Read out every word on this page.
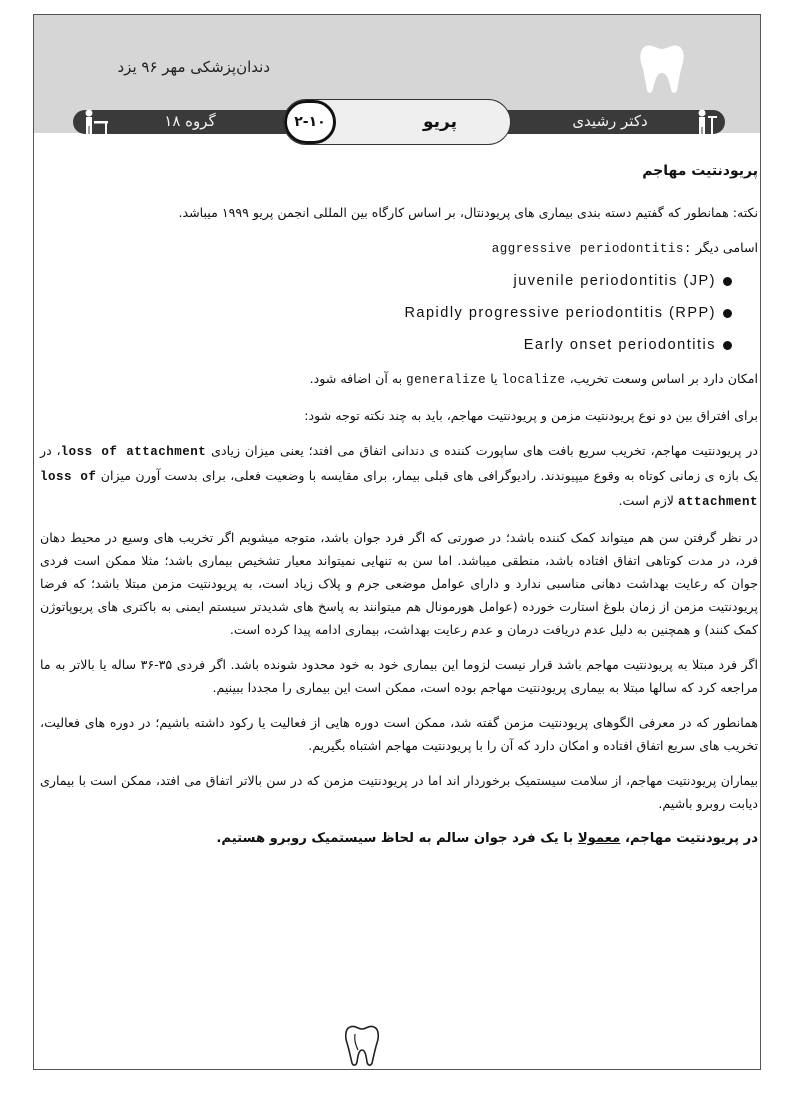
دندان‌پزشکی مهر ۹۶ یزد
دکتر رشیدی
پریو
۲-۱۰
گروه ۱۸

پریودنتیت مهاجم

نکته: همانطور که گفتیم دسته بندی بیماری های پریودنتال، بر اساس کارگاه بین المللی انجمن پریو ۱۹۹۹ میباشد.

اسامی دیگر aggressive periodontitis:

juvenile periodontitis (JP)
Rapidly progressive periodontitis (RPP)
Early onset periodontitis

امکان دارد بر اساس وسعت تخریب، localize یا generalize به آن اضافه شود.

برای افتراق بین دو نوع پریودنتیت مزمن و پریودنتیت مهاجم، باید به چند نکته توجه شود:

در پریودنتیت مهاجم، تخریب سریع بافت های ساپورت کننده ی دندانی اتفاق می افتد؛ یعنی میزان زیادی loss of attachment، در یک بازه ی زمانی کوتاه به وقوع میپیوندند. رادیوگرافی های قبلی بیمار، برای مقایسه با وضعیت فعلی، برای بدست آورن میزان loss of attachment لازم است.

در نظر گرفتن سن هم میتواند کمک کننده باشد؛ در صورتی که اگر فرد جوان باشد، متوجه میشویم اگر تخریب های وسیع در محیط دهان فرد، در مدت کوتاهی اتفاق افتاده باشد، منطقی میباشد. اما سن به تنهایی نمیتواند معیار تشخیص بیماری باشد؛ مثلا ممکن است فردی جوان که رعایت بهداشت دهانی مناسبی ندارد و دارای عوامل موضعی جرم و پلاک زیاد است، به پریودنتیت مزمن مبتلا باشد؛ که فرضا پریودنتیت مزمن از زمان بلوغ استارت خورده (عوامل هورمونال هم میتوانند به پاسخ های شدیدتر سیستم ایمنی به باکتری های پریوپاتوژن کمک کنند) و همچنین به دلیل عدم دریافت درمان و عدم رعایت بهداشت، بیماری ادامه پیدا کرده است.

اگر فرد مبتلا به پریودنتیت مهاجم باشد قرار نیست لزوما این بیماری خود به خود محدود شونده باشد. اگر فردی ۳۵-۳۶ ساله یا بالاتر به ما مراجعه کرد که سالها مبتلا به بیماری پریودنتیت مهاجم بوده است، ممکن است این بیماری را مجددا ببینیم.

همانطور که در معرفی الگوهای پریودنتیت مزمن گفته شد، ممکن است دوره هایی از فعالیت یا رکود داشته باشیم؛ در دوره های فعالیت، تخریب های سریع اتفاق افتاده و امکان دارد که آن را با پریودنتیت مهاجم اشتباه بگیریم.

بیماران پریودنتیت مهاجم، از سلامت سیستمیک برخوردار اند اما در پریودنتیت مزمن که در سن بالاتر اتفاق می افتد، ممکن است با بیماری دیابت روبرو باشیم.

در پریودنتیت مهاجم، معمولا با یک فرد جوان سالم به لحاظ سیستمیک روبرو هستیم.
